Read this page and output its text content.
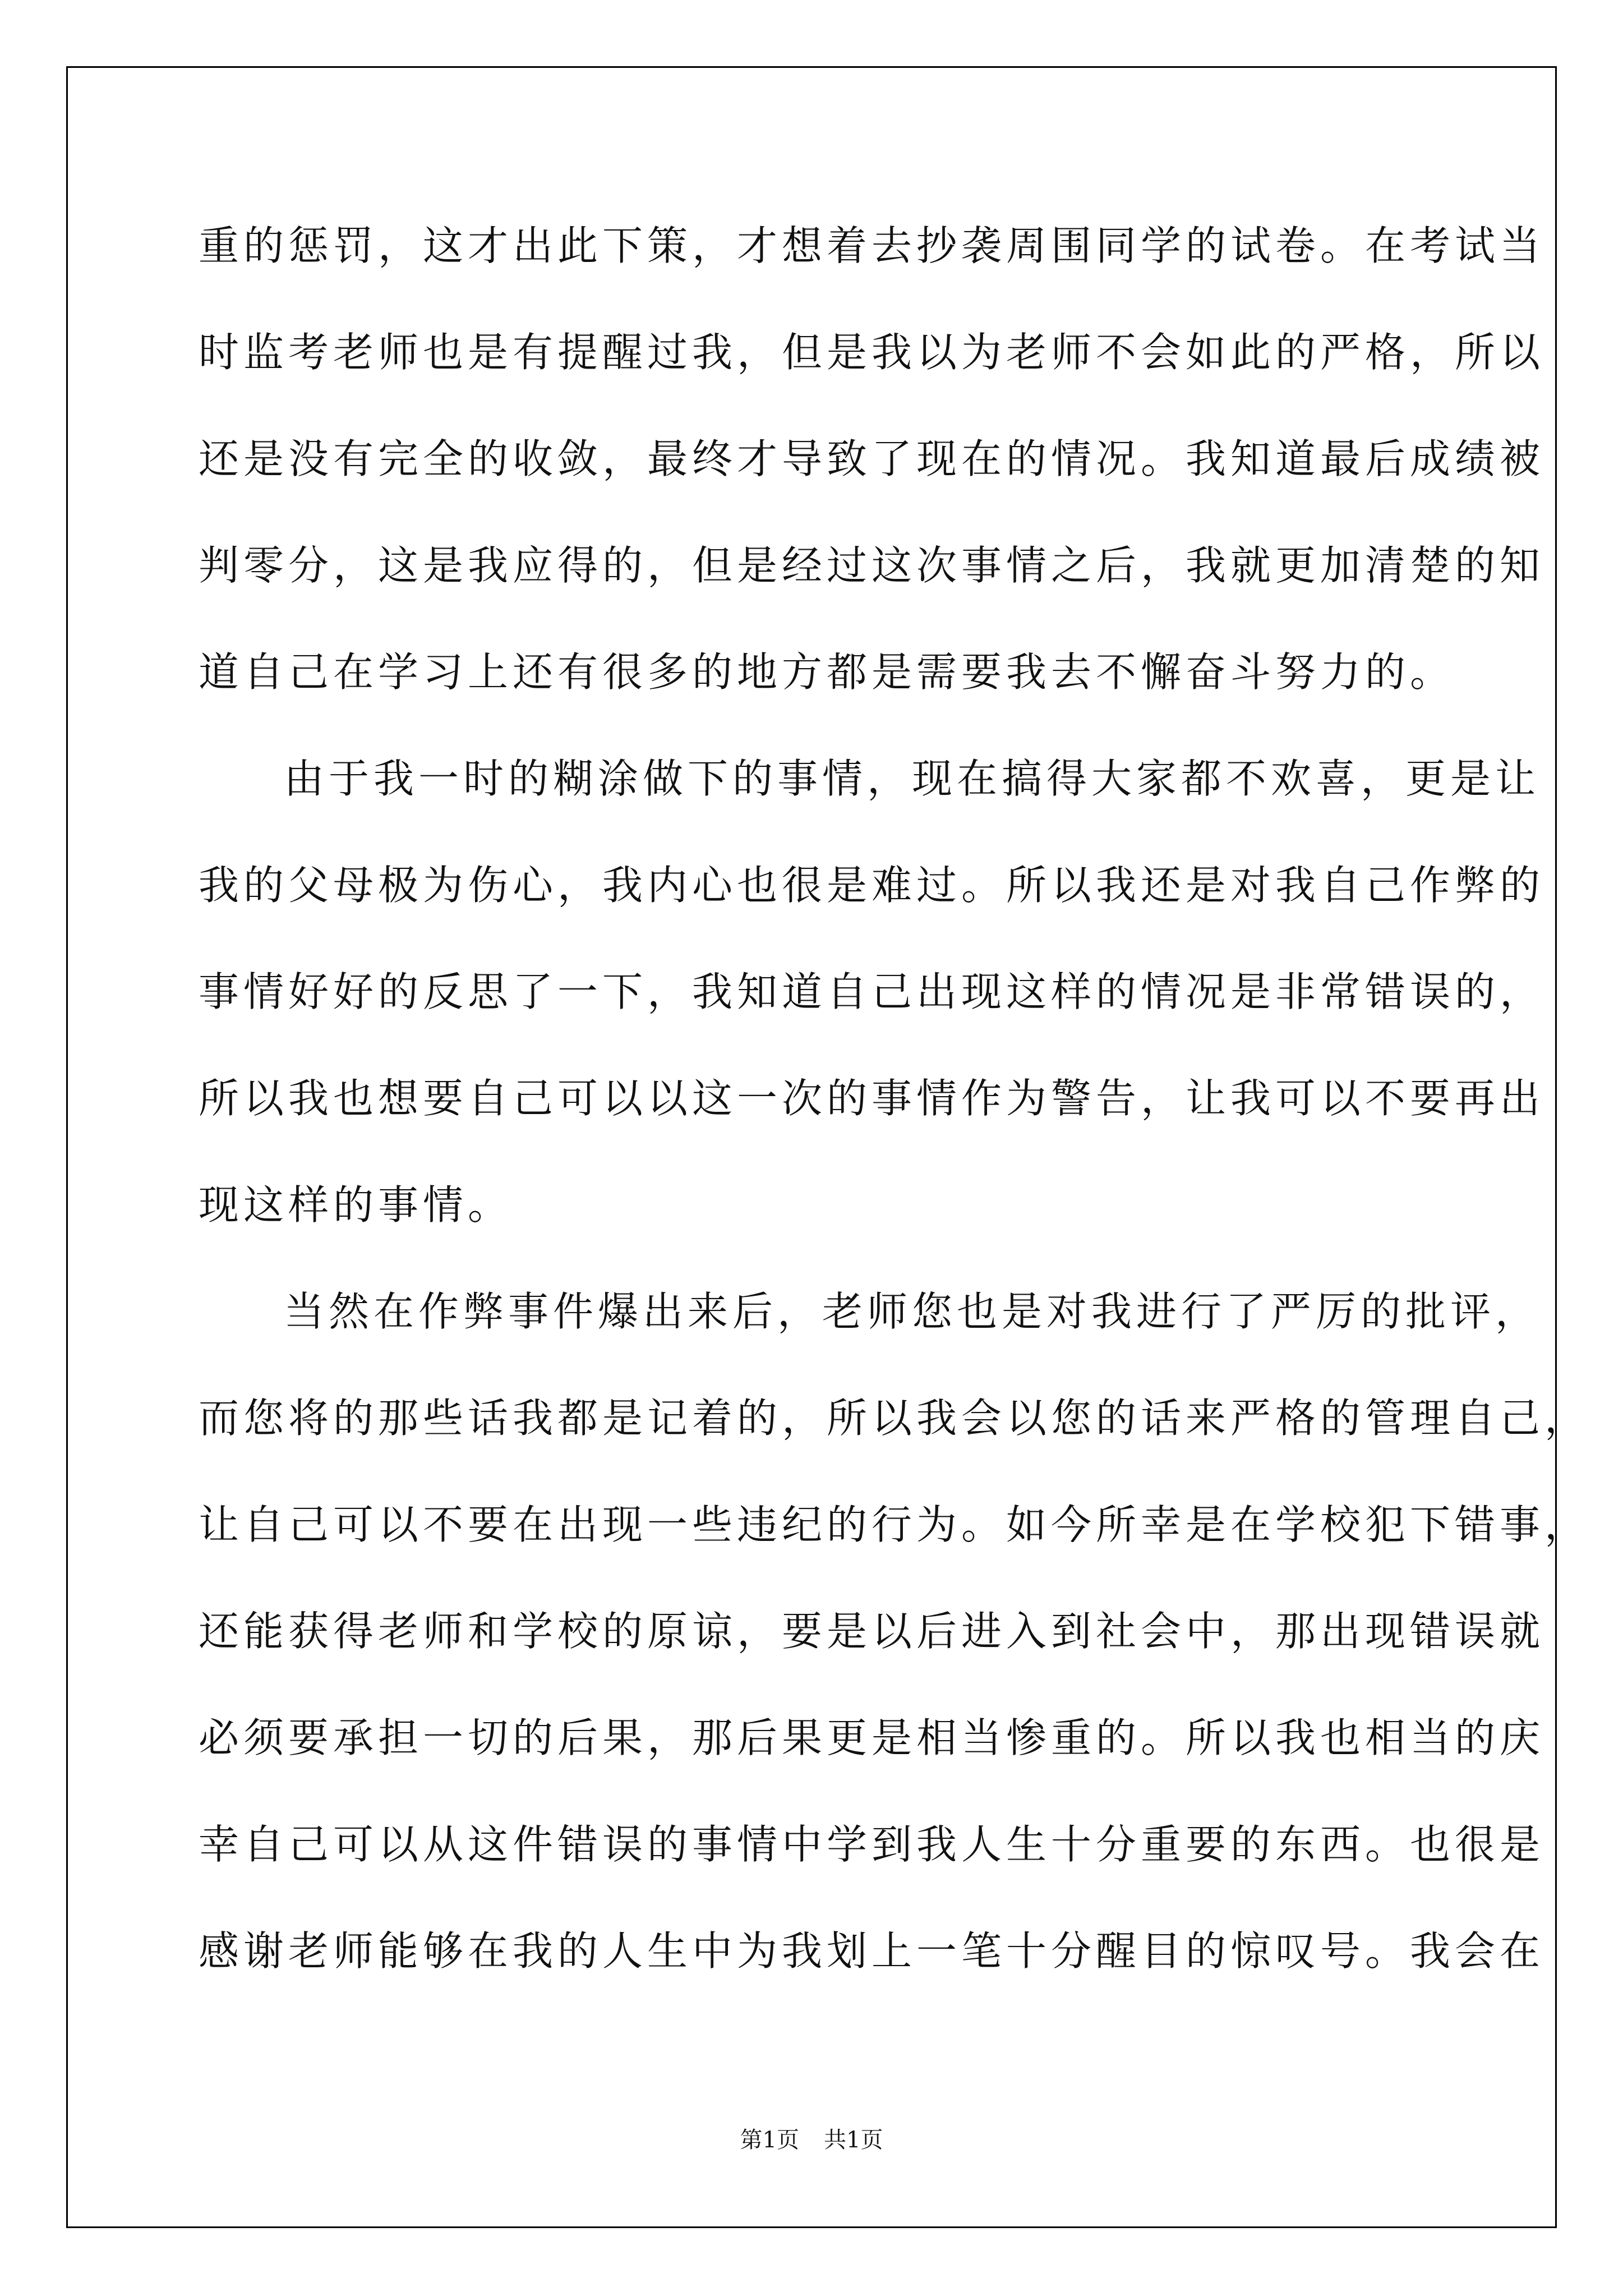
重的惩罚，这才出此下策，才想着去抄袭周围同学的试卷。在考试当
时监考老师也是有提醒过我，但是我以为老师不会如此的严格，所以
还是没有完全的收敛，最终才导致了现在的情况。我知道最后成绩被
判零分，这是我应得的，但是经过这次事情之后，我就更加清楚的知
道自己在学习上还有很多的地方都是需要我去不懈奋斗努力的。
由于我一时的糊涂做下的事情，现在搞得大家都不欢喜，更是让
我的父母极为伤心，我内心也很是难过。所以我还是对我自己作弊的
事情好好的反思了一下，我知道自己出现这样的情况是非常错误的，
所以我也想要自己可以以这一次的事情作为警告，让我可以不要再出
现这样的事情。
当然在作弊事件爆出来后，老师您也是对我进行了严厉的批评，
而您将的那些话我都是记着的，所以我会以您的话来严格的管理自己，
让自己可以不要在出现一些违纪的行为。如今所幸是在学校犯下错事，
还能获得老师和学校的原谅，要是以后进入到社会中，那出现错误就
必须要承担一切的后果，那后果更是相当惨重的。所以我也相当的庆
幸自己可以从这件错误的事情中学到我人生十分重要的东西。也很是
感谢老师能够在我的人生中为我划上一笔十分醒目的惊叹号。我会在
第1页 共1页
